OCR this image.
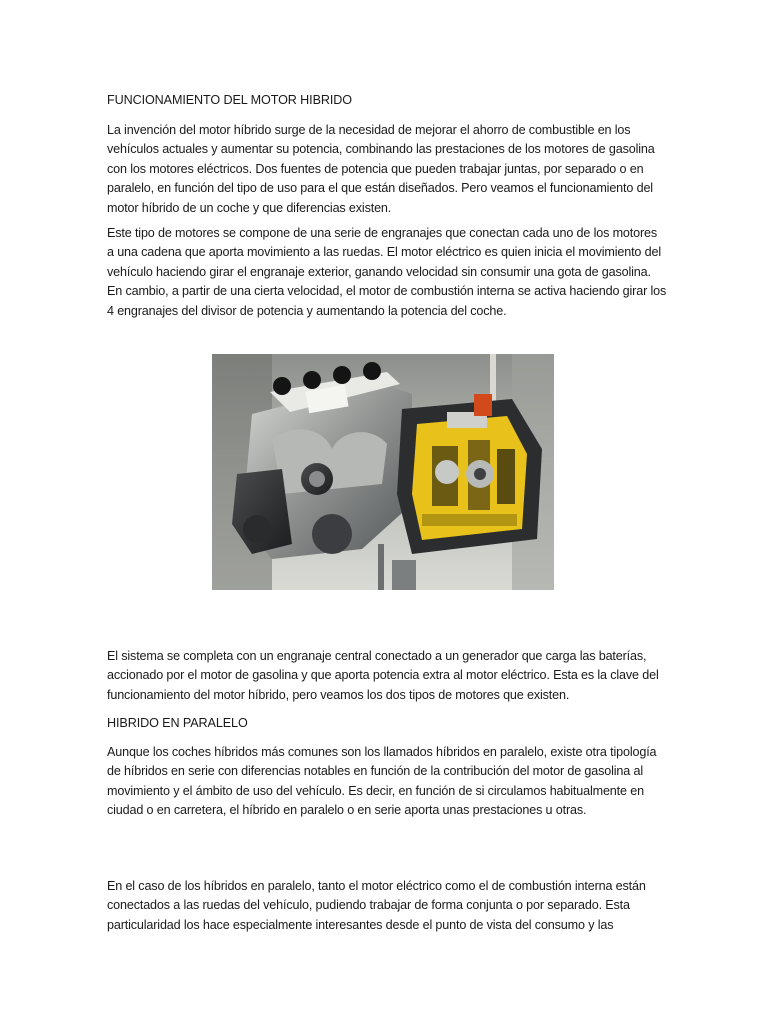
FUNCIONAMIENTO DEL MOTOR HIBRIDO

La invención del motor híbrido surge de la necesidad de mejorar el ahorro de combustible en los vehículos actuales y aumentar su potencia, combinando las prestaciones de los motores de gasolina con los motores eléctricos. Dos fuentes de potencia que pueden trabajar juntas, por separado o en paralelo, en función del tipo de uso para el que están diseñados. Pero veamos el funcionamiento del motor híbrido de un coche y que diferencias existen.

Este tipo de motores se compone de una serie de engranajes que conectan cada uno de los motores a una cadena que aporta movimiento a las ruedas. El motor eléctrico es quien inicia el movimiento del vehículo haciendo girar el engranaje exterior, ganando velocidad sin consumir una gota de gasolina. En cambio, a partir de una cierta velocidad, el motor de combustión interna se activa haciendo girar los 4 engranajes del divisor de potencia y aumentando la potencia del coche.

El sistema se completa con un engranaje central conectado a un generador que carga las baterías, accionado por el motor de gasolina y que aporta potencia extra al motor eléctrico. Esta es la clave del funcionamiento del motor híbrido, pero veamos los dos tipos de motores que existen.

HIBRIDO EN PARALELO

Aunque los coches híbridos más comunes son los llamados híbridos en paralelo, existe otra tipología de híbridos en serie con diferencias notables en función de la contribución del motor de gasolina al movimiento y el ámbito de uso del vehículo. Es decir, en función de si circulamos habitualmente en ciudad o en carretera, el híbrido en paralelo o en serie aporta unas prestaciones u otras.

En el caso de los híbridos en paralelo, tanto el motor eléctrico como el de combustión interna están conectados a las ruedas del vehículo, pudiendo trabajar de forma conjunta o por separado. Esta particularidad los hace especialmente interesantes desde el punto de vista del consumo y las
